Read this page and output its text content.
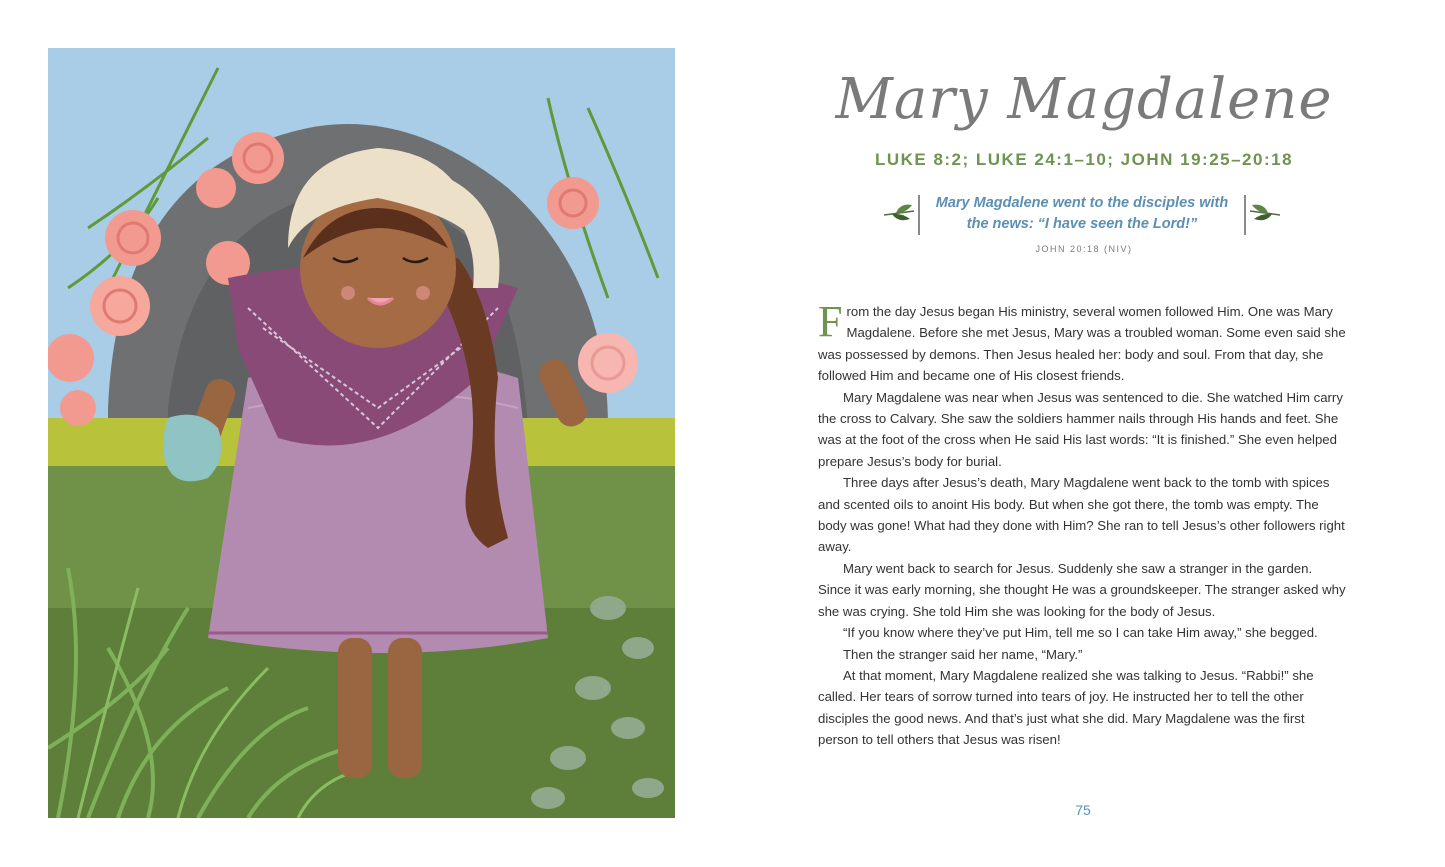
Mary Magdalene
LUKE 8:2; LUKE 24:1–10; JOHN 19:25–20:18
Mary Magdalene went to the disciples with
the news: “I have seen the Lord!”
JOHN 20:18 (NIV)

From the day Jesus began His ministry, several women followed Him. One was Mary Magdalene. Before she met Jesus, Mary was a troubled woman. Some even said she was possessed by demons. Then Jesus healed her: body and soul. From that day, she followed Him and became one of His closest friends.

Mary Magdalene was near when Jesus was sentenced to die. She watched Him carry the cross to Calvary. She saw the soldiers hammer nails through His hands and feet. She was at the foot of the cross when He said His last words: “It is finished.” She even helped prepare Jesus’s body for burial.

Three days after Jesus’s death, Mary Magdalene went back to the tomb with spices and scented oils to anoint His body. But when she got there, the tomb was empty. The body was gone! What had they done with Him? She ran to tell Jesus’s other followers right away.

Mary went back to search for Jesus. Suddenly she saw a stranger in the garden. Since it was early morning, she thought He was a groundskeeper. The stranger asked why she was crying. She told Him she was looking for the body of Jesus.

“If you know where they’ve put Him, tell me so I can take Him away,” she begged.

Then the stranger said her name, “Mary.”

At that moment, Mary Magdalene realized she was talking to Jesus. “Rabbi!” she called. Her tears of sorrow turned into tears of joy. He instructed her to tell the other disciples the good news. And that’s just what she did. Mary Magdalene was the first person to tell others that Jesus was risen!

75
